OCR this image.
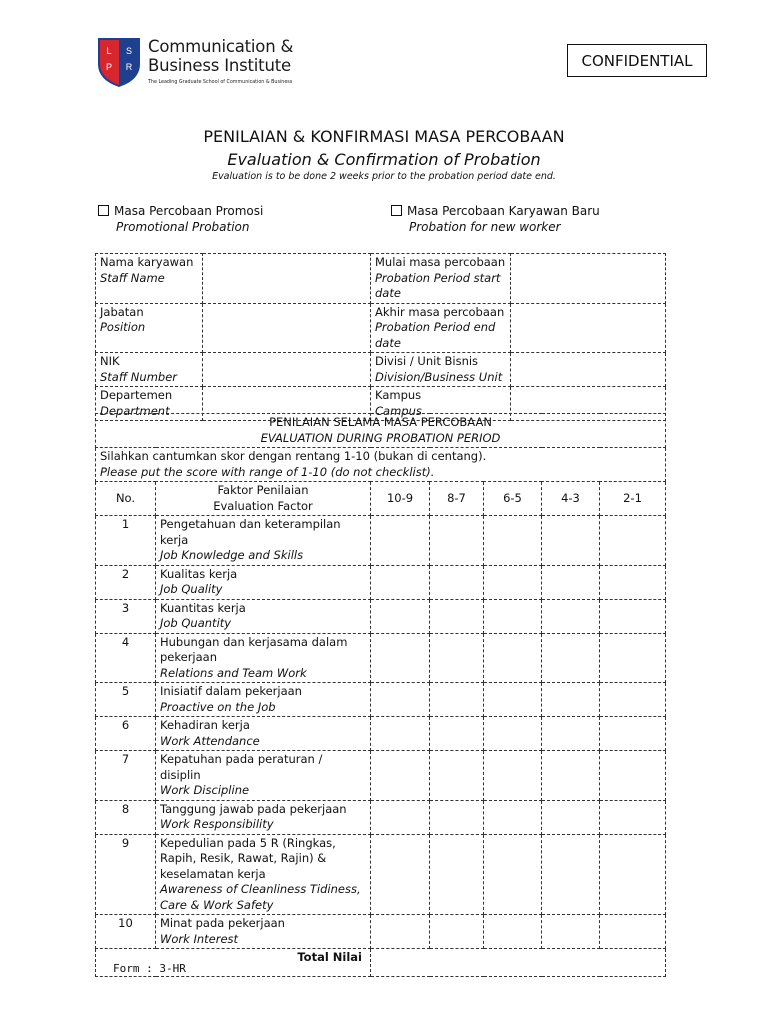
L S
P R
Communication &
Business Institute
The Leading Graduate School of Communication & Business
CONFIDENTIAL
PENILAIAN & KONFIRMASI MASA PERCOBAAN
Evaluation & Confirmation of Probation
Evaluation is to be done 2 weeks prior to the probation period date end.
Masa Percobaan Promosi
Promotional Probation
Masa Percobaan Karyawan Baru
Probation for new worker
Nama karyawan
Staff Name		Mulai masa percobaan
Probation Period start date	

Jabatan
Position		Akhir masa percobaan
Probation Period end date	

NIK
Staff Number		Divisi / Unit Bisnis
Division/Business Unit	

Departemen
Department		Kampus
Campus	

PENILAIAN SELAMA MASA PERCOBAAN
EVALUATION DURING PROBATION PERIOD						

Silahkan cantumkan skor dengan rentang 1-10 (bukan di centang).
Please put the score with range of 1-10 (do not checklist).						

No.	Faktor Penilaian
Evaluation Factor	10-9	8-7	6-5	4-3	2-1
1	Pengetahuan dan keterampilan kerja
Job Knowledge and Skills					

2	Kualitas kerja
Job Quality					

3	Kuantitas kerja
Job Quantity					

4	Hubungan dan kerjasama dalam pekerjaan
Relations and Team Work					

5	Inisiatif dalam pekerjaan
Proactive on the Job					

6	Kehadiran kerja
Work Attendance					

7	Kepatuhan pada peraturan / disiplin
Work Discipline					

8	Tanggung jawab pada pekerjaan
Work Responsibility					

9	Kepedulian pada 5 R (Ringkas, Rapih, Resik, Rawat, Rajin) & keselamatan kerja
Awareness of Cleanliness Tidiness, Care & Work Safety					

10	Minat pada pekerjaan
Work Interest					

Total Nilai						
Form : 3-HR
